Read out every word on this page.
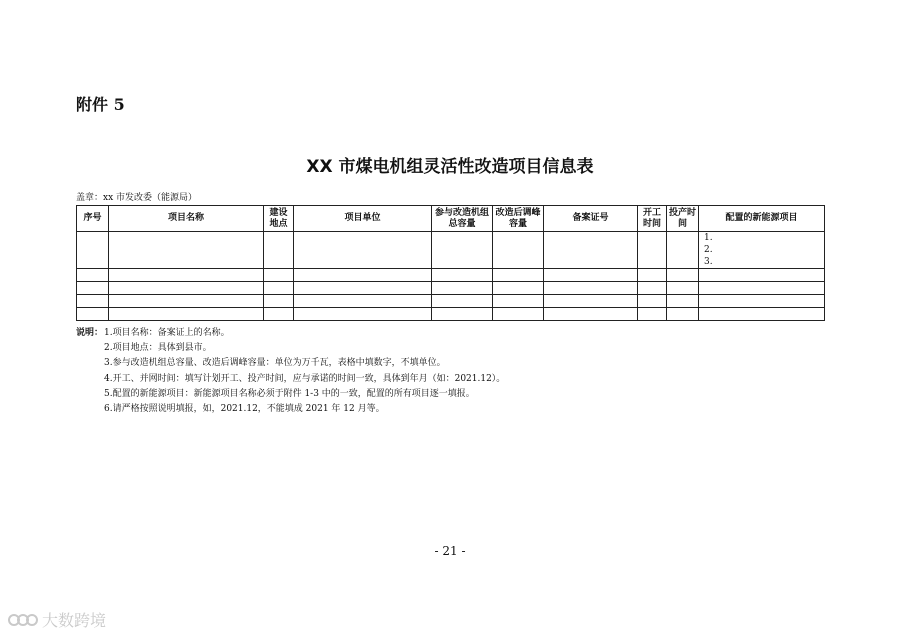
附件 5
XX 市煤电机组灵活性改造项目信息表
盖章：xx 市发改委（能源局）
序号	项目名称	建设地点	项目单位	参与改造机组总容量	改造后调峰容量	备案证号	开工时间	投产时间	配置的新能源项目

									1.
2.
3.

说明： 1.项目名称：备案证上的名称。
2.项目地点：具体到县市。
3.参与改造机组总容量、改造后调峰容量：单位为万千瓦，表格中填数字，不填单位。
4.开工、并网时间：填写计划开工、投产时间，应与承诺的时间一致，具体到年月（如：2021.12）。
5.配置的新能源项目：新能源项目名称必须于附件 1-3 中的一致，配置的所有项目逐一填报。
6.请严格按照说明填报，如，2021.12，不能填成 2021 年 12 月等。
- 21 -
大数跨境
